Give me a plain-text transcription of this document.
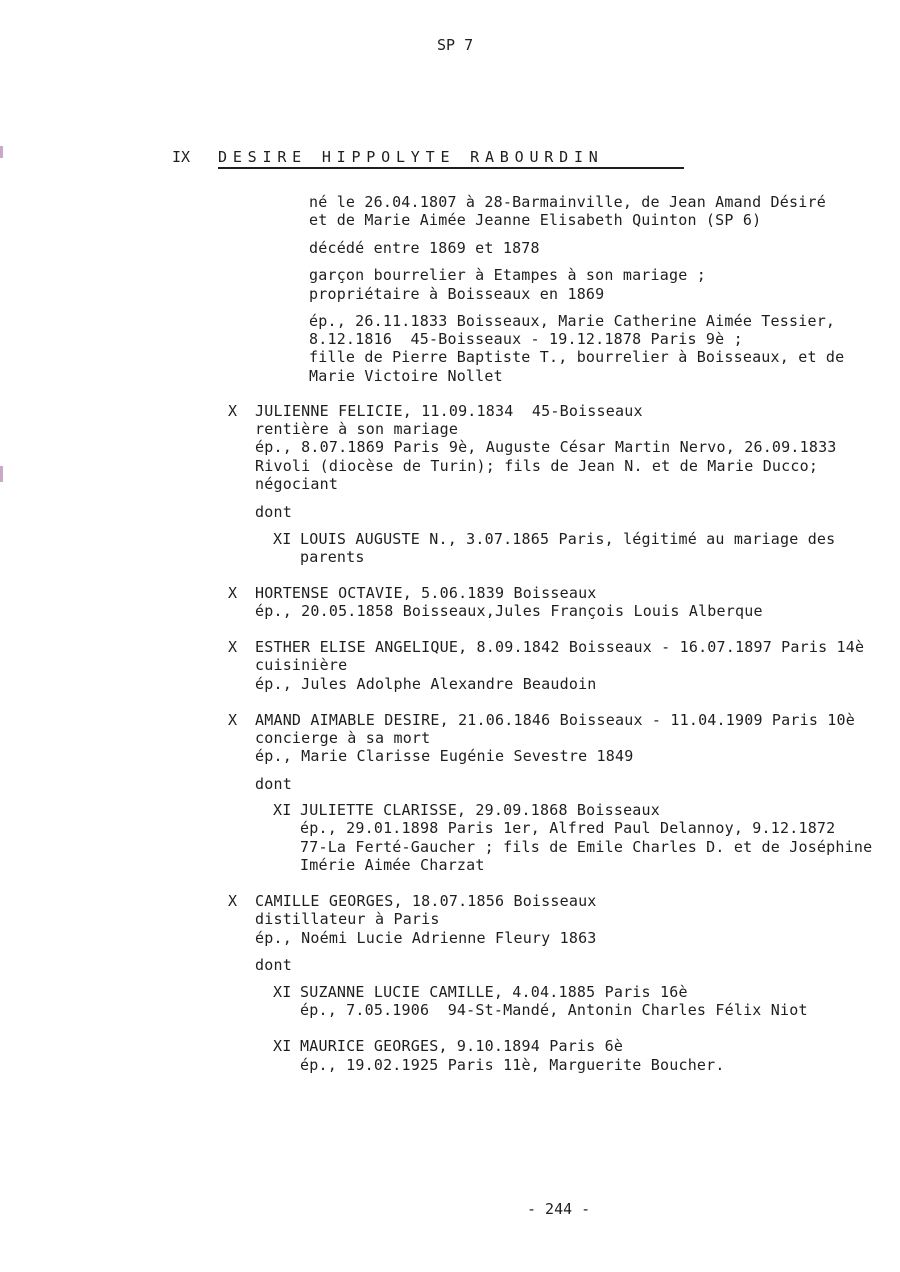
SP 7
IX DESIRE HIPPOLYTE RABOURDIN
né le 26.04.1807 à 28-Barmainville, de Jean Amand Désiré
et de Marie Aimée Jeanne Elisabeth Quinton (SP 6)
décédé entre 1869 et 1878
garçon bourrelier à Etampes à son mariage ;
propriétaire à Boisseaux en 1869
ép., 26.11.1833 Boisseaux, Marie Catherine Aimée Tessier,
8.12.1816  45-Boisseaux - 19.12.1878 Paris 9è ;
fille de Pierre Baptiste T., bourrelier à Boisseaux, et de
Marie Victoire Nollet
X JULIENNE FELICIE, 11.09.1834  45-Boisseaux
rentière à son mariage
ép., 8.07.1869 Paris 9è, Auguste César Martin Nervo, 26.09.1833
Rivoli (diocèse de Turin); fils de Jean N. et de Marie Ducco;
négociant
dont
XI LOUIS AUGUSTE N., 3.07.1865 Paris, légitimé au mariage des
parents
X HORTENSE OCTAVIE, 5.06.1839 Boisseaux
ép., 20.05.1858 Boisseaux,Jules François Louis Alberque
X ESTHER ELISE ANGELIQUE, 8.09.1842 Boisseaux - 16.07.1897 Paris 14è
cuisinière
ép., Jules Adolphe Alexandre Beaudoin
X AMAND AIMABLE DESIRE, 21.06.1846 Boisseaux - 11.04.1909 Paris 10è
concierge à sa mort
ép., Marie Clarisse Eugénie Sevestre 1849
dont
XI JULIETTE CLARISSE, 29.09.1868 Boisseaux
ép., 29.01.1898 Paris 1er, Alfred Paul Delannoy, 9.12.1872
77-La Ferté-Gaucher ; fils de Emile Charles D. et de Joséphine
Imérie Aimée Charzat
X CAMILLE GEORGES, 18.07.1856 Boisseaux
distillateur à Paris
ép., Noémi Lucie Adrienne Fleury 1863
dont
XI SUZANNE LUCIE CAMILLE, 4.04.1885 Paris 16è
ép., 7.05.1906  94-St-Mandé, Antonin Charles Félix Niot
XI MAURICE GEORGES, 9.10.1894 Paris 6è
ép., 19.02.1925 Paris 11è, Marguerite Boucher.
- 244 -
